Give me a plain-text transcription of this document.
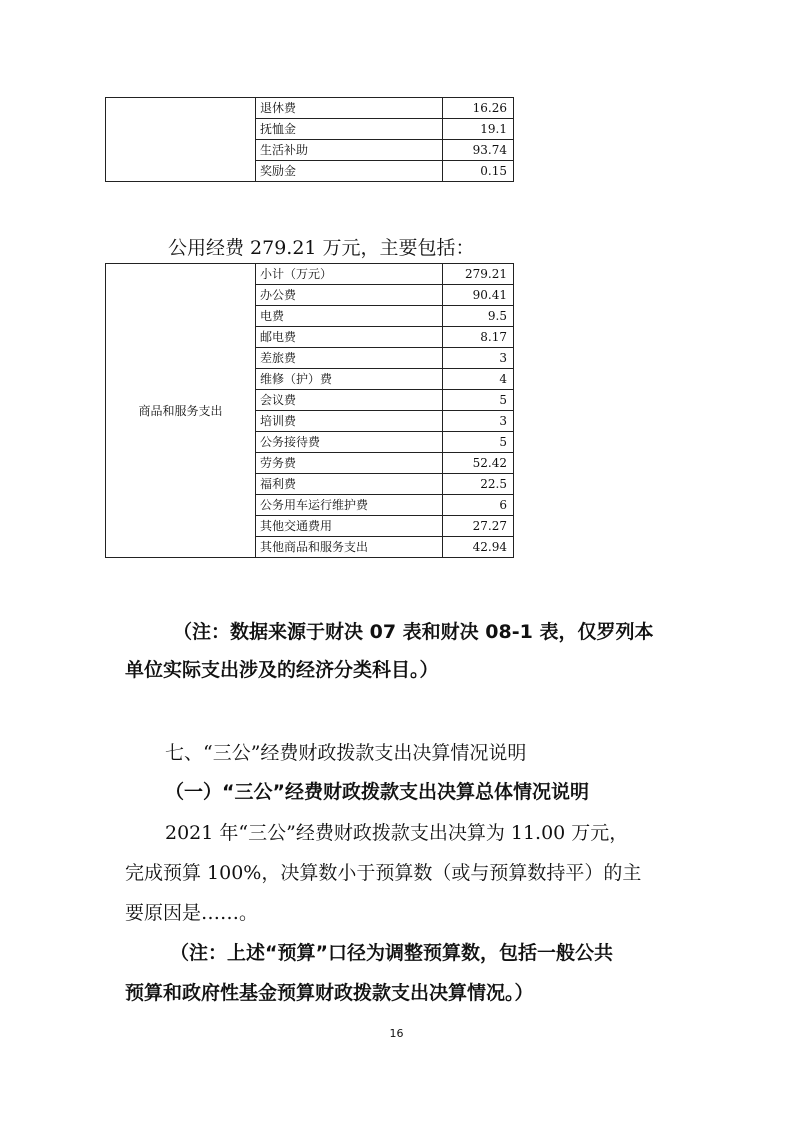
	退休费	16.26
	抚恤金	19.1
	生活补助	93.74
	奖励金	0.15
公用经费 279.21 万元，主要包括：
商品和服务支出	小计（万元）	279.21
	办公费	90.41
	电费	9.5
	邮电费	8.17
	差旅费	3
	维修（护）费	4
	会议费	5
	培训费	3
	公务接待费	5
	劳务费	52.42
	福利费	22.5
	公务用车运行维护费	6
	其他交通费用	27.27
	其他商品和服务支出	42.94
（注：数据来源于财决 07 表和财决 08-1 表，仅罗列本
单位实际支出涉及的经济分类科目。）
七、“三公”经费财政拨款支出决算情况说明
（一）“三公”经费财政拨款支出决算总体情况说明
2021 年“三公”经费财政拨款支出决算为 11.00 万元，
完成预算 100%，决算数小于预算数（或与预算数持平）的主
要原因是……。
（注：上述“预算”口径为调整预算数，包括一般公共
预算和政府性基金预算财政拨款支出决算情况。）
16
